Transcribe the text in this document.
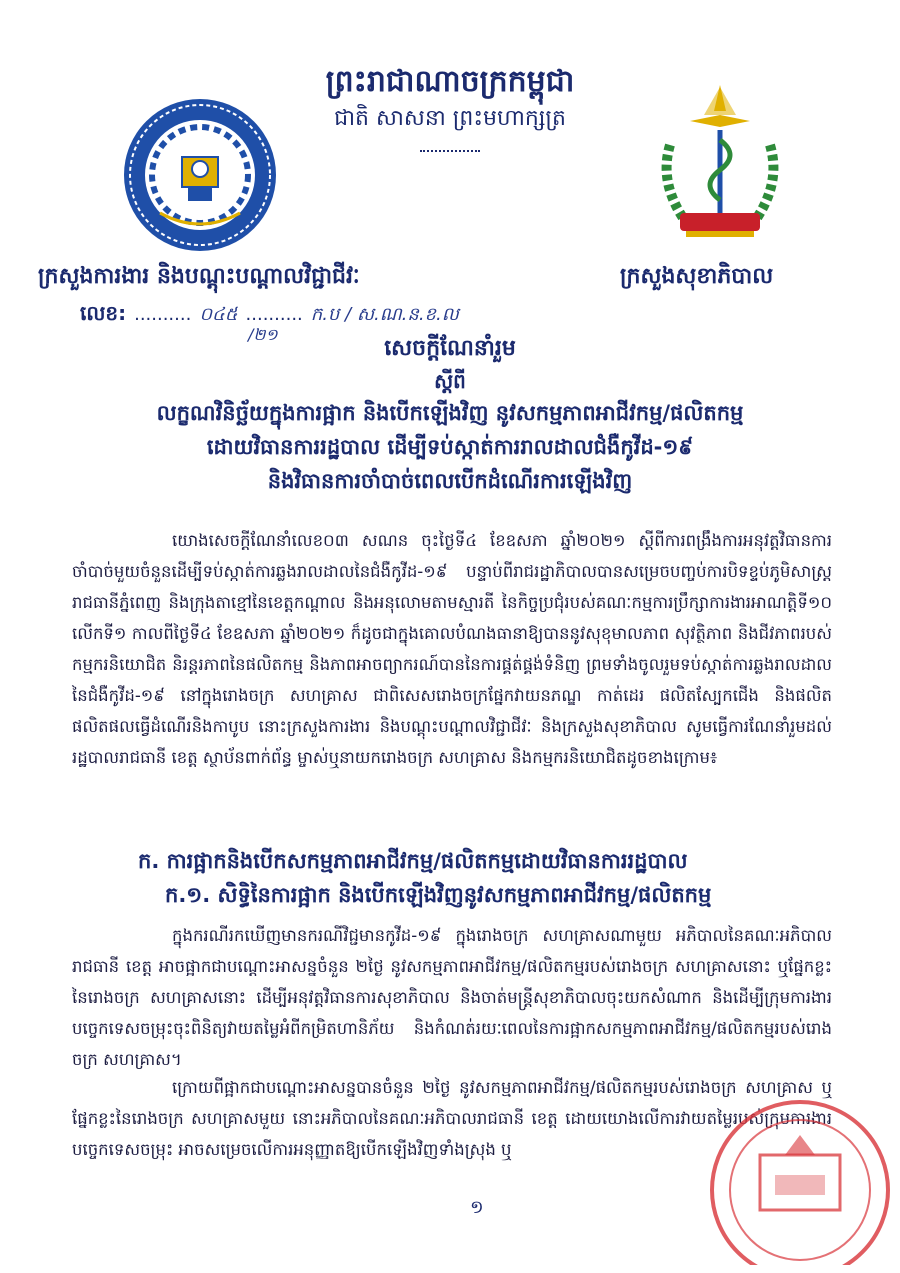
ព្រះរាជាណាចក្រកម្ពុជា
ជាតិ សាសនា ព្រះមហាក្សត្រ
ក្រសួងការងារ និងបណ្តុះបណ្តាលវិជ្ជាជីវៈ	ក្រសួងសុខាភិបាល
លេខ: .......... ០៤៥ .......... ក.ប / ស.ណ.ន.ខ.ល
/២១
សេចក្តីណែនាំរួម
ស្តីពី
លក្ខណវិនិច្ឆ័យក្នុងការផ្អាក និងបើកឡើងវិញ នូវសកម្មភាពអាជីវកម្ម/ផលិតកម្ម
ដោយវិធានការរដ្ឋបាល ដើម្បីទប់ស្កាត់ការរាលដាលជំងឺកូវីដ-១៩
និងវិធានការចាំបាច់ពេលបើកដំណើរការឡើងវិញ
យោងសេចក្តីណែនាំលេខ០៣ សណន ចុះថ្ងៃទី៤ ខែឧសភា ឆ្នាំ២០២១ ស្តីពីការពង្រឹងការអនុវត្តវិធានការចាំបាច់មួយចំនួនដើម្បីទប់ស្កាត់ការឆ្លងរាលដាលនៃជំងឺកូវីដ-១៩ បន្ទាប់ពីរាជរដ្ឋាភិបាលបានសម្រេចបញ្ចប់ការបិទខ្ទប់ភូមិសាស្ត្ររាជធានីភ្នំពេញ និងក្រុងតាខ្មៅនៃខេត្តកណ្តាល និងអនុលោមតាមស្មារតី នៃកិច្ចប្រជុំរបស់គណៈកម្មការប្រឹក្សាការងារអាណត្តិទី១០ លើកទី១ កាលពីថ្ងៃទី៤ ខែឧសភា ឆ្នាំ២០២១ ក៏ដូចជាក្នុងគោលបំណងធានាឱ្យបាននូវសុខុមាលភាព សុវត្ថិភាព និងជីវភាពរបស់កម្មករនិយោជិត និរន្តរភាពនៃផលិតកម្ម និងភាពអាចព្យាករណ៍បាននៃការផ្គត់ផ្គង់ទំនិញ ព្រមទាំងចូលរួមទប់ស្កាត់ការឆ្លងរាលដាលនៃជំងឺកូវីដ-១៩ នៅក្នុងរោងចក្រ សហគ្រាស ជាពិសេសរោងចក្រផ្នែកវាយនភណ្ឌ កាត់ដេរ ផលិតស្បែកជើង និងផលិតផលិតផលធ្វើដំណើរនិងកាបូប នោះក្រសួងការងារ និងបណ្តុះបណ្តាលវិជ្ជាជីវៈ និងក្រសួងសុខាភិបាល សូមធ្វើការណែនាំរួមដល់រដ្ឋបាលរាជធានី ខេត្ត ស្ថាប័នពាក់ព័ន្ធ ម្ចាស់ឬនាយករោងចក្រ សហគ្រាស និងកម្មករនិយោជិតដូចខាងក្រោម៖
ក. ការផ្អាកនិងបើកសកម្មភាពអាជីវកម្ម/ផលិតកម្មដោយវិធានការរដ្ឋបាល
ក.១. សិទ្ធិនៃការផ្អាក និងបើកឡើងវិញនូវសកម្មភាពអាជីវកម្ម/ផលិតកម្ម
ក្នុងករណីរកឃើញមានករណីវិជ្ជមានកូវីដ-១៩ ក្នុងរោងចក្រ សហគ្រាសណាមួយ អភិបាលនៃគណៈអភិបាលរាជធានី ខេត្ត អាចផ្អាកជាបណ្តោះអាសន្នចំនួន ២ថ្ងៃ នូវសកម្មភាពអាជីវកម្ម/ផលិតកម្មរបស់រោងចក្រ សហគ្រាសនោះ ឬផ្នែកខ្លះនៃរោងចក្រ សហគ្រាសនោះ ដើម្បីអនុវត្តវិធានការសុខាភិបាល និងចាត់មន្ត្រីសុខាភិបាលចុះយកសំណាក និងដើម្បីក្រុមការងារបច្ចេកទេសចម្រុះចុះពិនិត្យវាយតម្លៃអំពីកម្រិតហានិភ័យ និងកំណត់រយៈពេលនៃការផ្អាកសកម្មភាពអាជីវកម្ម/ផលិតកម្មរបស់រោងចក្រ សហគ្រាស។
ក្រោយពីផ្អាកជាបណ្តោះអាសន្នបានចំនួន ២ថ្ងៃ នូវសកម្មភាពអាជីវកម្ម/ផលិតកម្មរបស់រោងចក្រ សហគ្រាស ឬផ្នែកខ្លះនៃរោងចក្រ សហគ្រាសមួយ នោះអភិបាលនៃគណៈអភិបាលរាជធានី ខេត្ត ដោយយោងលើការវាយតម្លៃរបស់ក្រុមការងារបច្ចេកទេសចម្រុះ អាចសម្រេចលើការអនុញ្ញាតឱ្យបើកឡើងវិញទាំងស្រុង ឬ
១
